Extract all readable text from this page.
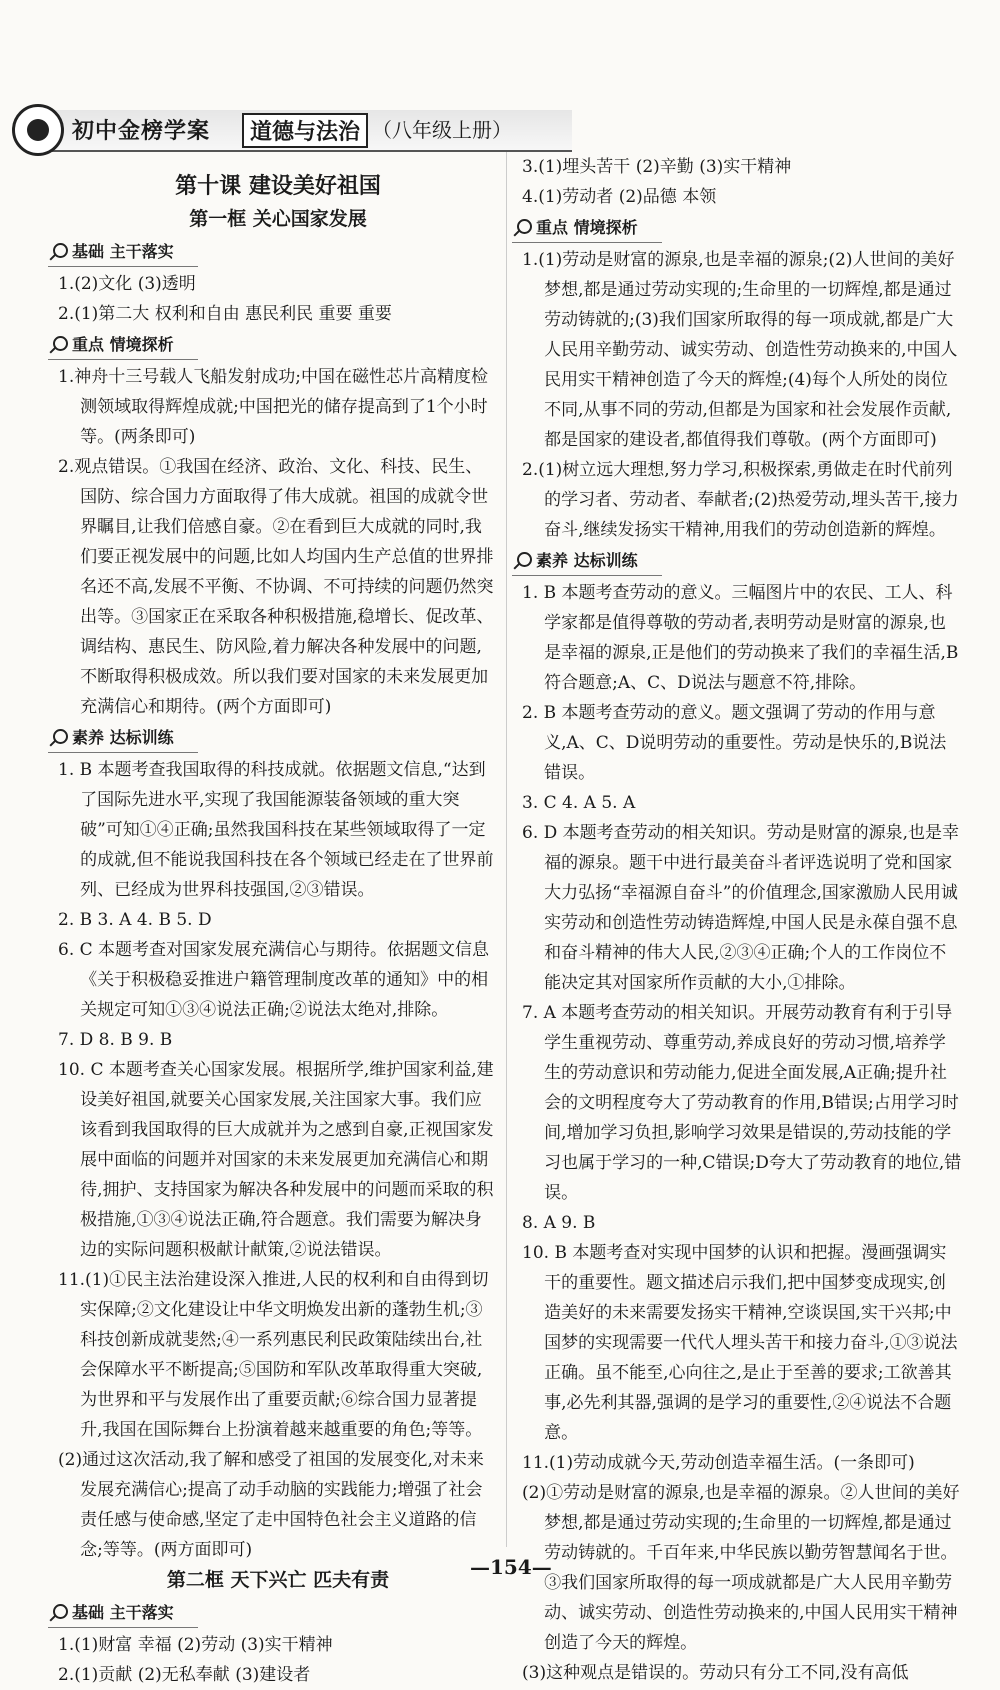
初中金榜学案	道德与法治 （八年级上册）

第十课 建设美好祖国

第一框 关心国家发展

基础 主干落实

1.(2)文化 (3)透明

2.(1)第二大 权利和自由 惠民利民 重要 重要

重点 情境探析

1.神舟十三号载人飞船发射成功;中国在磁性芯片高精度检测领域取得辉煌成就;中国把光的储存提高到了1个小时等。(两条即可)

2.观点错误。①我国在经济、政治、文化、科技、民生、国防、综合国力方面取得了伟大成就。祖国的成就令世界瞩目,让我们倍感自豪。②在看到巨大成就的同时,我们要正视发展中的问题,比如人均国内生产总值的世界排名还不高,发展不平衡、不协调、不可持续的问题仍然突出等。③国家正在采取各种积极措施,稳增长、促改革、调结构、惠民生、防风险,着力解决各种发展中的问题,不断取得积极成效。所以我们要对国家的未来发展更加充满信心和期待。(两个方面即可)

素养 达标训练

1. B 本题考查我国取得的科技成就。依据题文信息,“达到了国际先进水平,实现了我国能源装备领域的重大突破”可知①④正确;虽然我国科技在某些领域取得了一定的成就,但不能说我国科技在各个领域已经走在了世界前列、已经成为世界科技强国,②③错误。

2. B 3. A 4. B 5. D

6. C 本题考查对国家发展充满信心与期待。依据题文信息《关于积极稳妥推进户籍管理制度改革的通知》中的相关规定可知①③④说法正确;②说法太绝对,排除。

7. D 8. B 9. B

10. C 本题考查关心国家发展。根据所学,维护国家利益,建设美好祖国,就要关心国家发展,关注国家大事。我们应该看到我国取得的巨大成就并为之感到自豪,正视国家发展中面临的问题并对国家的未来发展更加充满信心和期待,拥护、支持国家为解决各种发展中的问题而采取的积极措施,①③④说法正确,符合题意。我们需要为解决身边的实际问题积极献计献策,②说法错误。

11.(1)①民主法治建设深入推进,人民的权利和自由得到切实保障;②文化建设让中华文明焕发出新的蓬勃生机;③科技创新成就斐然;④一系列惠民利民政策陆续出台,社会保障水平不断提高;⑤国防和军队改革取得重大突破,为世界和平与发展作出了重要贡献;⑥综合国力显著提升,我国在国际舞台上扮演着越来越重要的角色;等等。

(2)通过这次活动,我了解和感受了祖国的发展变化,对未来发展充满信心;提高了动手动脑的实践能力;增强了社会责任感与使命感,坚定了走中国特色社会主义道路的信念;等等。(两方面即可)

第二框 天下兴亡 匹夫有责

基础 主干落实

1.(1)财富 幸福 (2)劳动 (3)实干精神

2.(1)贡献 (2)无私奉献 (3)建设者

3.(1)埋头苦干 (2)辛勤 (3)实干精神

4.(1)劳动者 (2)品德 本领

重点 情境探析

1.(1)劳动是财富的源泉,也是幸福的源泉;(2)人世间的美好梦想,都是通过劳动实现的;生命里的一切辉煌,都是通过劳动铸就的;(3)我们国家所取得的每一项成就,都是广大人民用辛勤劳动、诚实劳动、创造性劳动换来的,中国人民用实干精神创造了今天的辉煌;(4)每个人所处的岗位不同,从事不同的劳动,但都是为国家和社会发展作贡献,都是国家的建设者,都值得我们尊敬。(两个方面即可)

2.(1)树立远大理想,努力学习,积极探索,勇做走在时代前列的学习者、劳动者、奉献者;(2)热爱劳动,埋头苦干,接力奋斗,继续发扬实干精神,用我们的劳动创造新的辉煌。

素养 达标训练

1. B 本题考查劳动的意义。三幅图片中的农民、工人、科学家都是值得尊敬的劳动者,表明劳动是财富的源泉,也是幸福的源泉,正是他们的劳动换来了我们的幸福生活,B符合题意;A、C、D说法与题意不符,排除。

2. B 本题考查劳动的意义。题文强调了劳动的作用与意义,A、C、D说明劳动的重要性。劳动是快乐的,B说法错误。

3. C 4. A 5. A

6. D 本题考查劳动的相关知识。劳动是财富的源泉,也是幸福的源泉。题干中进行最美奋斗者评选说明了党和国家大力弘扬“幸福源自奋斗”的价值理念,国家激励人民用诚实劳动和创造性劳动铸造辉煌,中国人民是永葆自强不息和奋斗精神的伟大人民,②③④正确;个人的工作岗位不能决定其对国家所作贡献的大小,①排除。

7. A 本题考查劳动的相关知识。开展劳动教育有利于引导学生重视劳动、尊重劳动,养成良好的劳动习惯,培养学生的劳动意识和劳动能力,促进全面发展,A正确;提升社会的文明程度夸大了劳动教育的作用,B错误;占用学习时间,增加学习负担,影响学习效果是错误的,劳动技能的学习也属于学习的一种,C错误;D夸大了劳动教育的地位,错误。

8. A 9. B

10. B 本题考查对实现中国梦的认识和把握。漫画强调实干的重要性。题文描述启示我们,把中国梦变成现实,创造美好的未来需要发扬实干精神,空谈误国,实干兴邦;中国梦的实现需要一代代人埋头苦干和接力奋斗,①③说法正确。虽不能至,心向往之,是止于至善的要求;工欲善其事,必先利其器,强调的是学习的重要性,②④说法不合题意。

11.(1)劳动成就今天,劳动创造幸福生活。(一条即可)

(2)①劳动是财富的源泉,也是幸福的源泉。②人世间的美好梦想,都是通过劳动实现的;生命里的一切辉煌,都是通过劳动铸就的。千百年来,中华民族以勤劳智慧闻名于世。③我们国家所取得的每一项成就都是广大人民用辛勤劳动、诚实劳动、创造性劳动换来的,中国人民用实干精神创造了今天的辉煌。

(3)这种观点是错误的。劳动只有分工不同,没有高低

—154—
